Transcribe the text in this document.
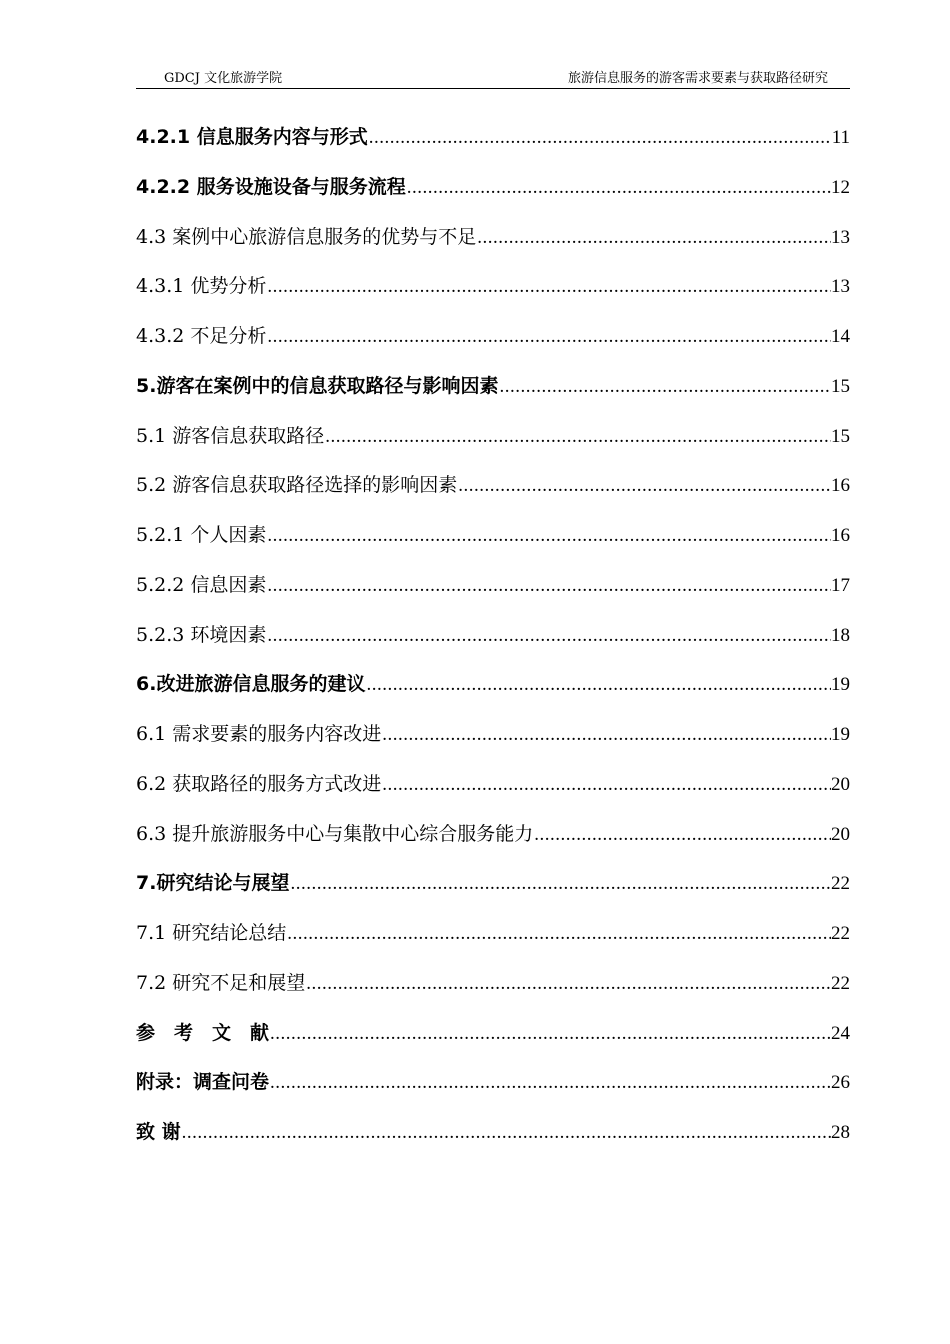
GDCJ 文化旅游学院	旅游信息服务的游客需求要素与获取路径研究
4.2.1 信息服务内容与形式 .....	11
4.2.2 服务设施设备与服务流程 .....	12
4.3 案例中心旅游信息服务的优势与不足 .....	13
4.3.1 优势分析 .....	13
4.3.2 不足分析 .....	14
5.游客在案例中的信息获取路径与影响因素 .....	15
5.1 游客信息获取路径 .....	15
5.2 游客信息获取路径选择的影响因素 .....	16
5.2.1 个人因素 .....	16
5.2.2 信息因素 .....	17
5.2.3 环境因素 .....	18
6.改进旅游信息服务的建议 .....	19
6.1 需求要素的服务内容改进 .....	19
6.2 获取路径的服务方式改进 .....	20
6.3 提升旅游服务中心与集散中心综合服务能力 .....	20
7.研究结论与展望 .....	22
7.1 研究结论总结 .....	22
7.2 研究不足和展望 .....	22
参　考　文　献 .....	24
附录：调查问卷 .....	26
致 谢 .....	28
